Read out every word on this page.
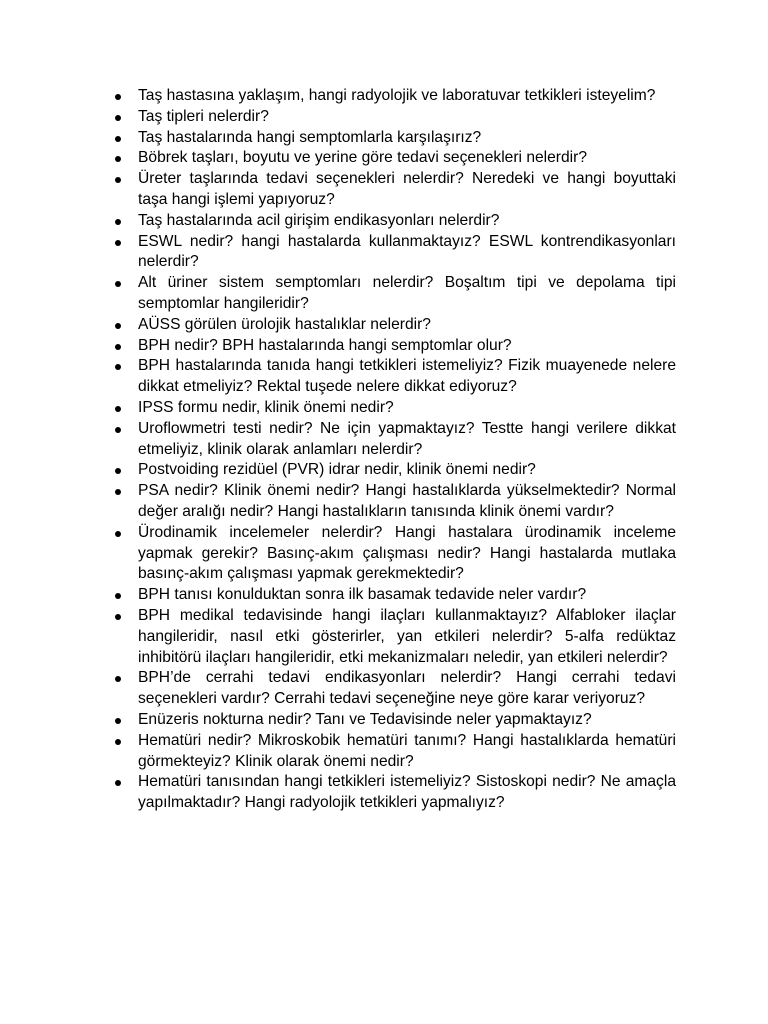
Taş hastasına yaklaşım, hangi radyolojik ve laboratuvar tetkikleri isteyelim?
Taş tipleri nelerdir?
Taş hastalarında hangi semptomlarla karşılaşırız?
Böbrek taşları, boyutu ve yerine göre tedavi seçenekleri nelerdir?
Üreter taşlarında tedavi seçenekleri nelerdir? Neredeki ve hangi boyuttaki taşa hangi işlemi yapıyoruz?
Taş hastalarında acil girişim endikasyonları nelerdir?
ESWL nedir? hangi hastalarda kullanmaktayız? ESWL kontrendikasyonları nelerdir?
Alt üriner sistem semptomları nelerdir? Boşaltım tipi ve depolama tipi semptomlar hangileridir?
AÜSS görülen ürolojik hastalıklar nelerdir?
BPH nedir? BPH hastalarında hangi semptomlar olur?
BPH hastalarında tanıda hangi tetkikleri istemeliyiz? Fizik muayenede nelere dikkat etmeliyiz? Rektal tuşede nelere dikkat ediyoruz?
IPSS formu nedir, klinik önemi nedir?
Uroflowmetri testi nedir? Ne için yapmaktayız? Testte hangi verilere dikkat etmeliyiz, klinik olarak anlamları nelerdir?
Postvoiding rezidüel (PVR) idrar nedir, klinik önemi nedir?
PSA nedir? Klinik önemi nedir? Hangi hastalıklarda yükselmektedir? Normal değer aralığı nedir? Hangi hastalıkların tanısında klinik önemi vardır?
Ürodinamik incelemeler nelerdir? Hangi hastalara ürodinamik inceleme yapmak gerekir? Basınç-akım çalışması nedir? Hangi hastalarda mutlaka basınç-akım çalışması yapmak gerekmektedir?
BPH tanısı konulduktan sonra ilk basamak tedavide neler vardır?
BPH medikal tedavisinde hangi ilaçları kullanmaktayız? Alfabloker ilaçlar hangileridir, nasıl etki gösterirler, yan etkileri nelerdir? 5-alfa redüktaz inhibitörü ilaçları hangileridir, etki mekanizmaları neledir, yan etkileri nelerdir?
BPH’de cerrahi tedavi endikasyonları nelerdir? Hangi cerrahi tedavi seçenekleri vardır? Cerrahi tedavi seçeneğine neye göre karar veriyoruz?
Enüzeris nokturna nedir? Tanı ve Tedavisinde neler yapmaktayız?
Hematüri nedir? Mikroskobik hematüri tanımı? Hangi hastalıklarda hematüri görmekteyiz? Klinik olarak önemi nedir?
Hematüri tanısından hangi tetkikleri istemeliyiz? Sistoskopi nedir? Ne amaçla yapılmaktadır? Hangi radyolojik tetkikleri yapmalıyız?
